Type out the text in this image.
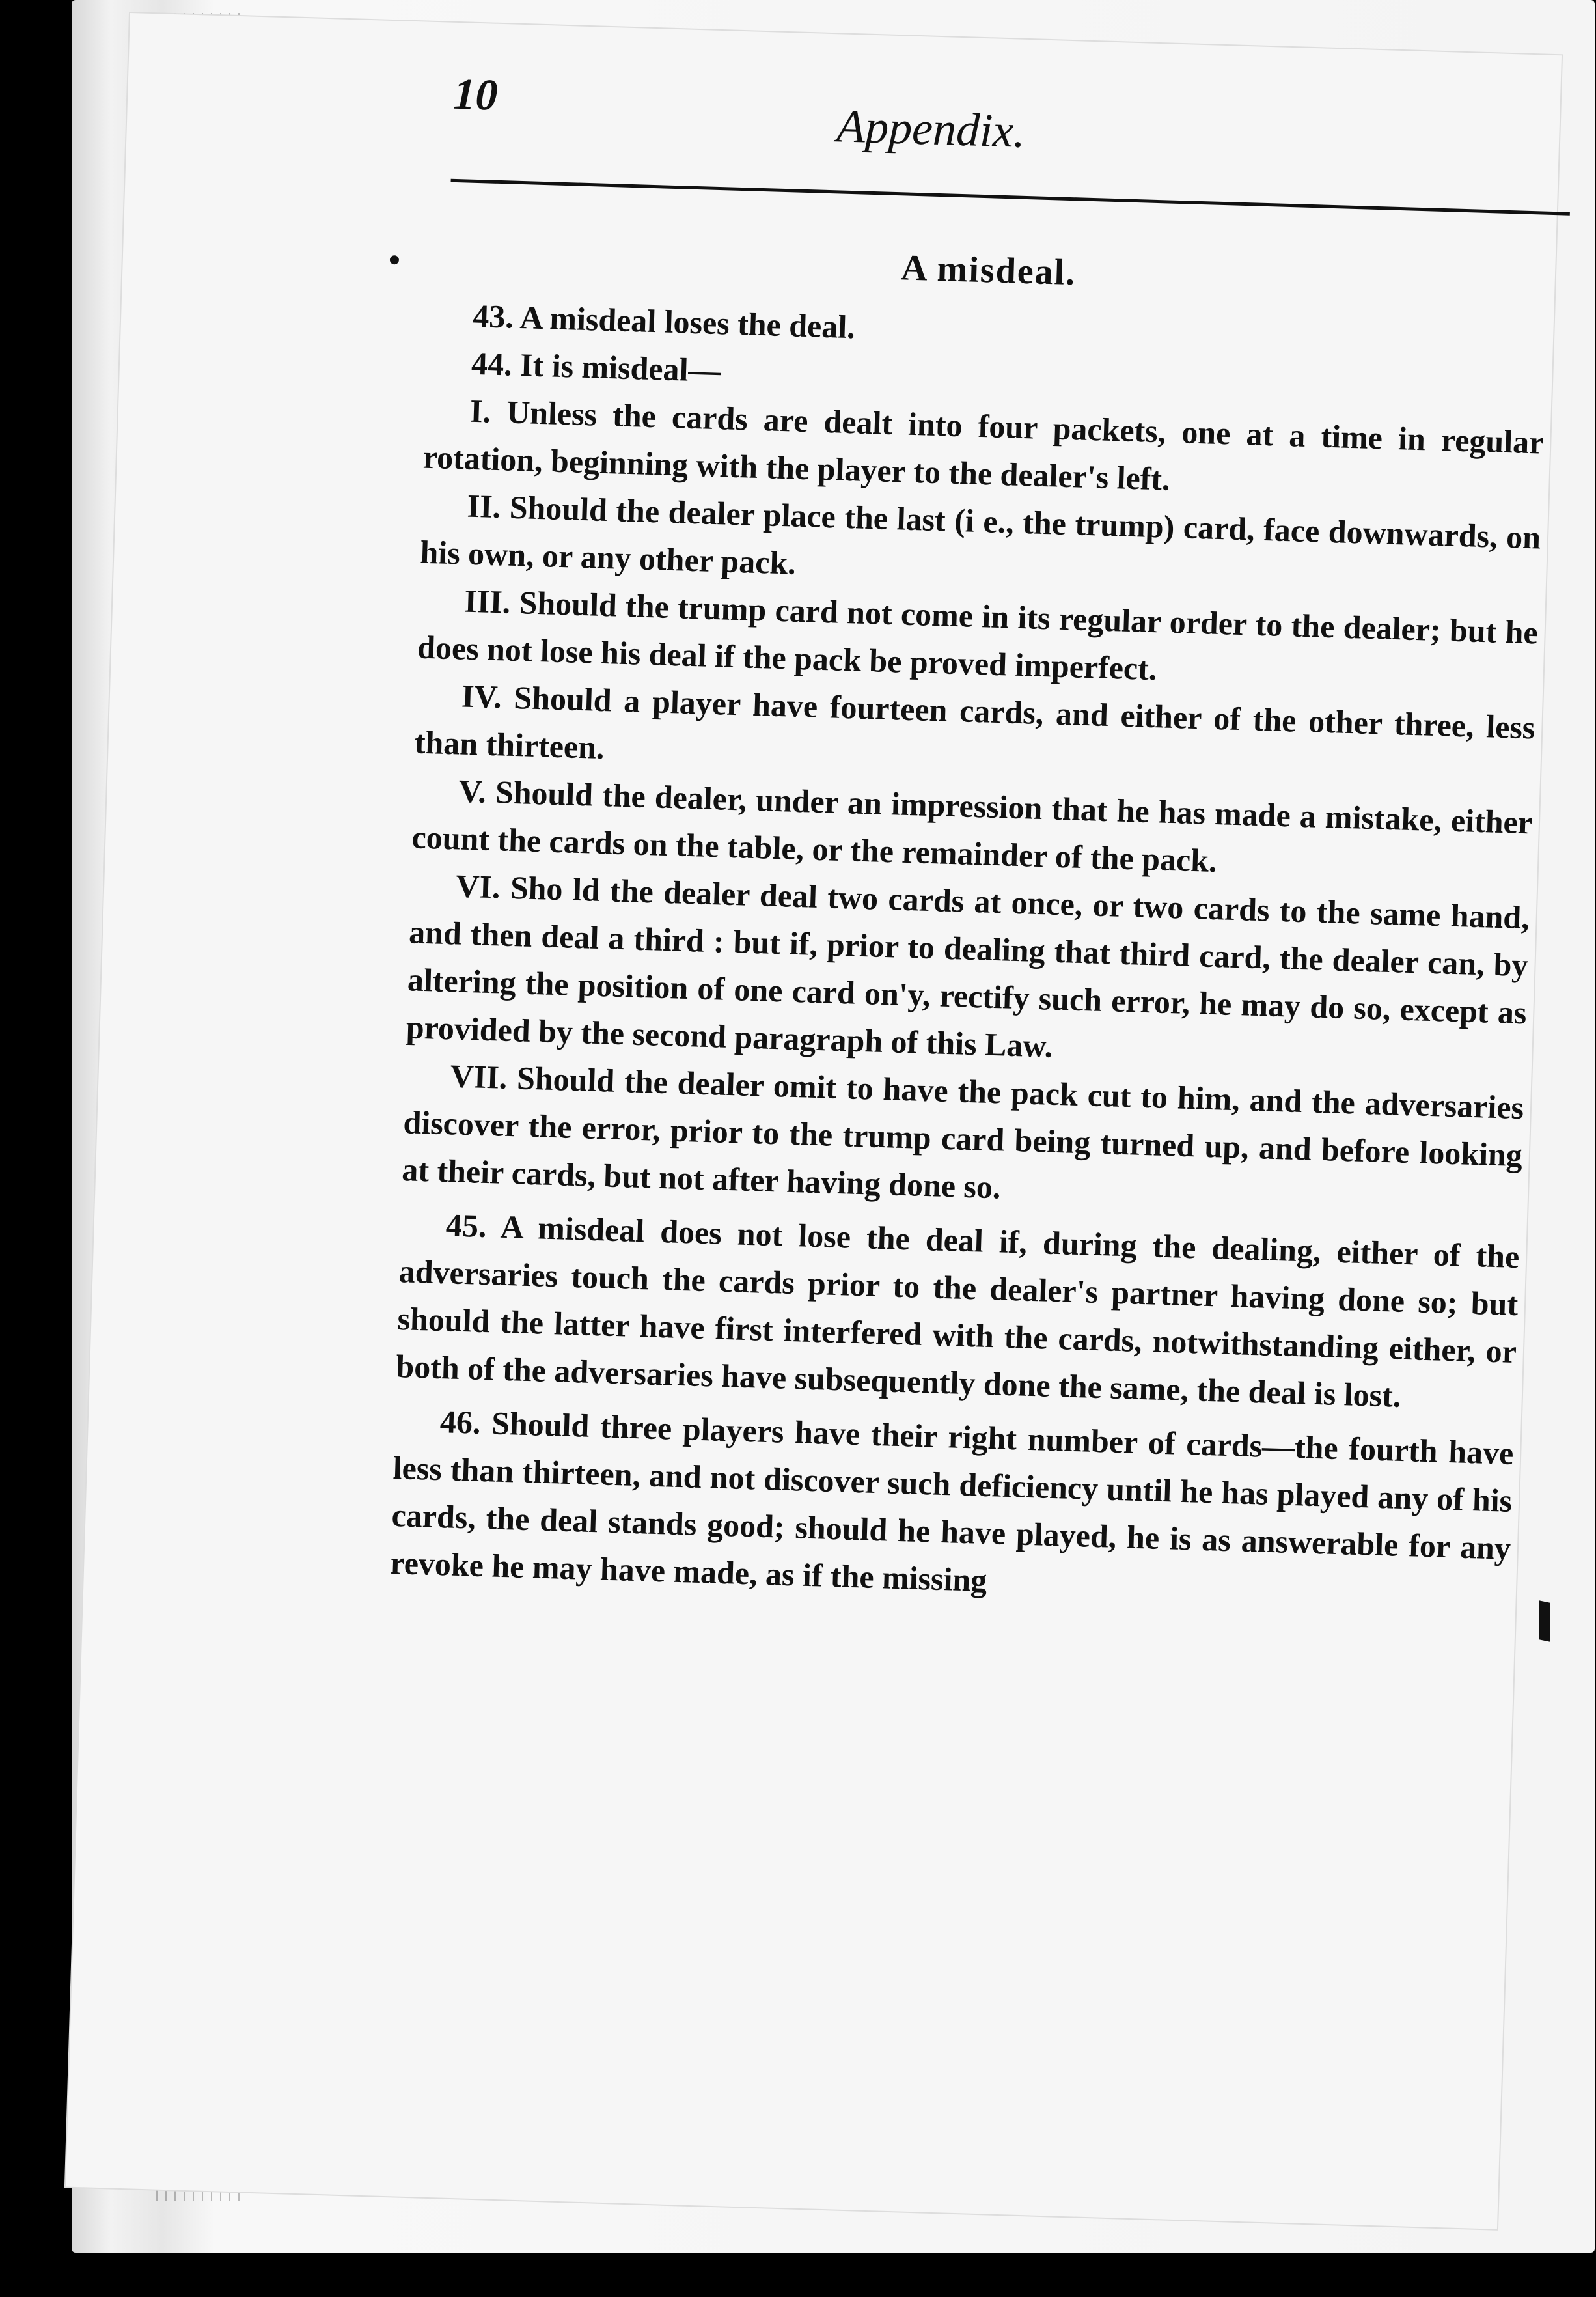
10
Appendix.
A misdeal.

43. A misdeal loses the deal.

44. It is misdeal—

I. Unless the cards are dealt into four packets, one at a time in regular rotation, beginning with the player to the dealer's left.

II. Should the dealer place the last (i e., the trump) card, face downwards, on his own, or any other pack.

III. Should the trump card not come in its regular order to the dealer; but he does not lose his deal if the pack be proved imperfect.

IV. Should a player have fourteen cards, and either of the other three, less than thirteen.

V. Should the dealer, under an impression that he has made a mistake, either count the cards on the table, or the remainder of the pack.

VI. Sho ld the dealer deal two cards at once, or two cards to the same hand, and then deal a third : but if, prior to dealing that third card, the dealer can, by altering the position of one card on'y, rectify such error, he may do so, except as provided by the second paragraph of this Law.

VII. Should the dealer omit to have the pack cut to him, and the adversaries discover the error, prior to the trump card being turned up, and before looking at their cards, but not after having done so.

45. A misdeal does not lose the deal if, during the dealing, either of the adversaries touch the cards prior to the dealer's partner having done so; but should the latter have first interfered with the cards, notwithstanding either, or both of the adversaries have subsequently done the same, the deal is lost.

46. Should three players have their right number of cards—the fourth have less than thirteen, and not discover such deficiency until he has played any of his cards, the deal stands good; should he have played, he is as answerable for any revoke he may have made, as if the missing
